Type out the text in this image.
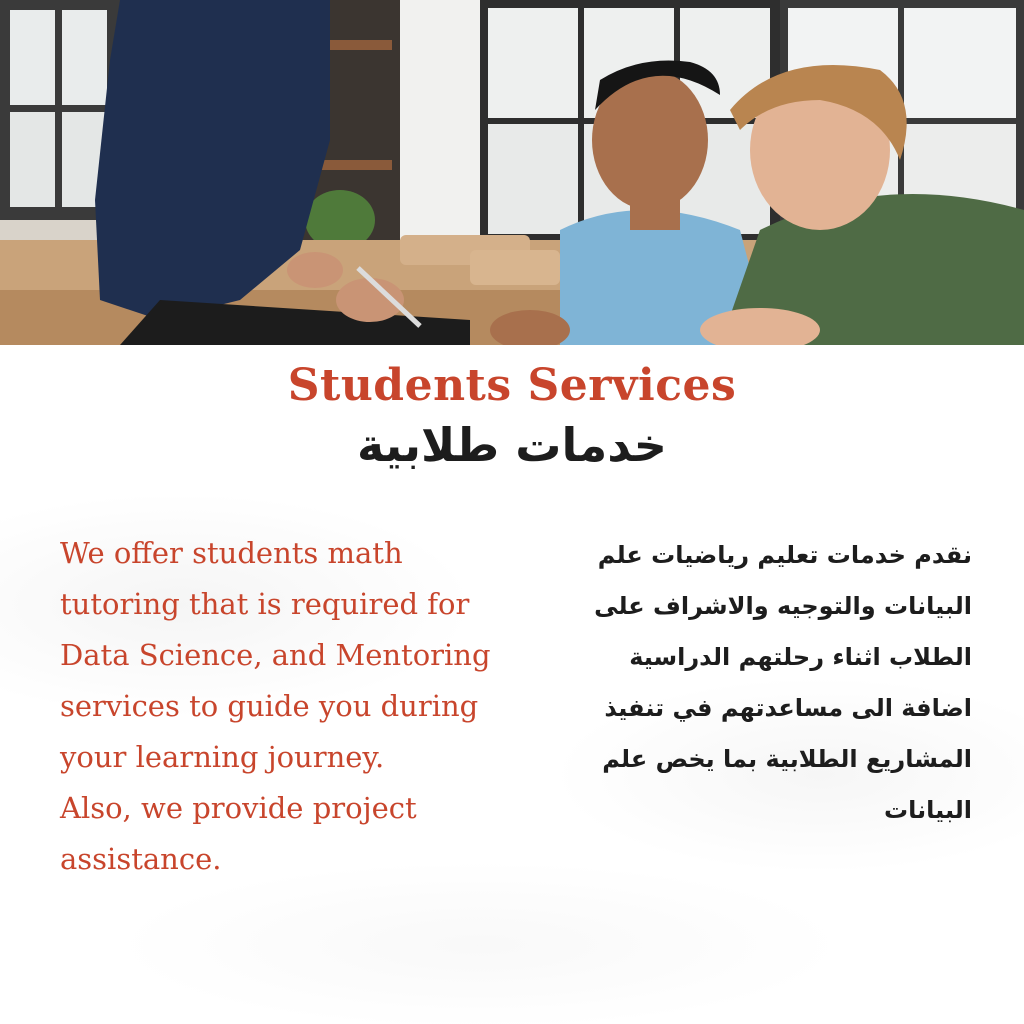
Students Services
خدمات طلابية

We offer students math tutoring that is required for Data Science, and Mentoring services to guide you during your learning journey.

Also, we provide project assistance.

نقدم خدمات تعليم رياضيات علم البيانات والتوجيه والاشراف على الطلاب اثناء رحلتهم الدراسية اضافة الى مساعدتهم في تنفيذ المشاريع الطلابية بما يخص علم البيانات
